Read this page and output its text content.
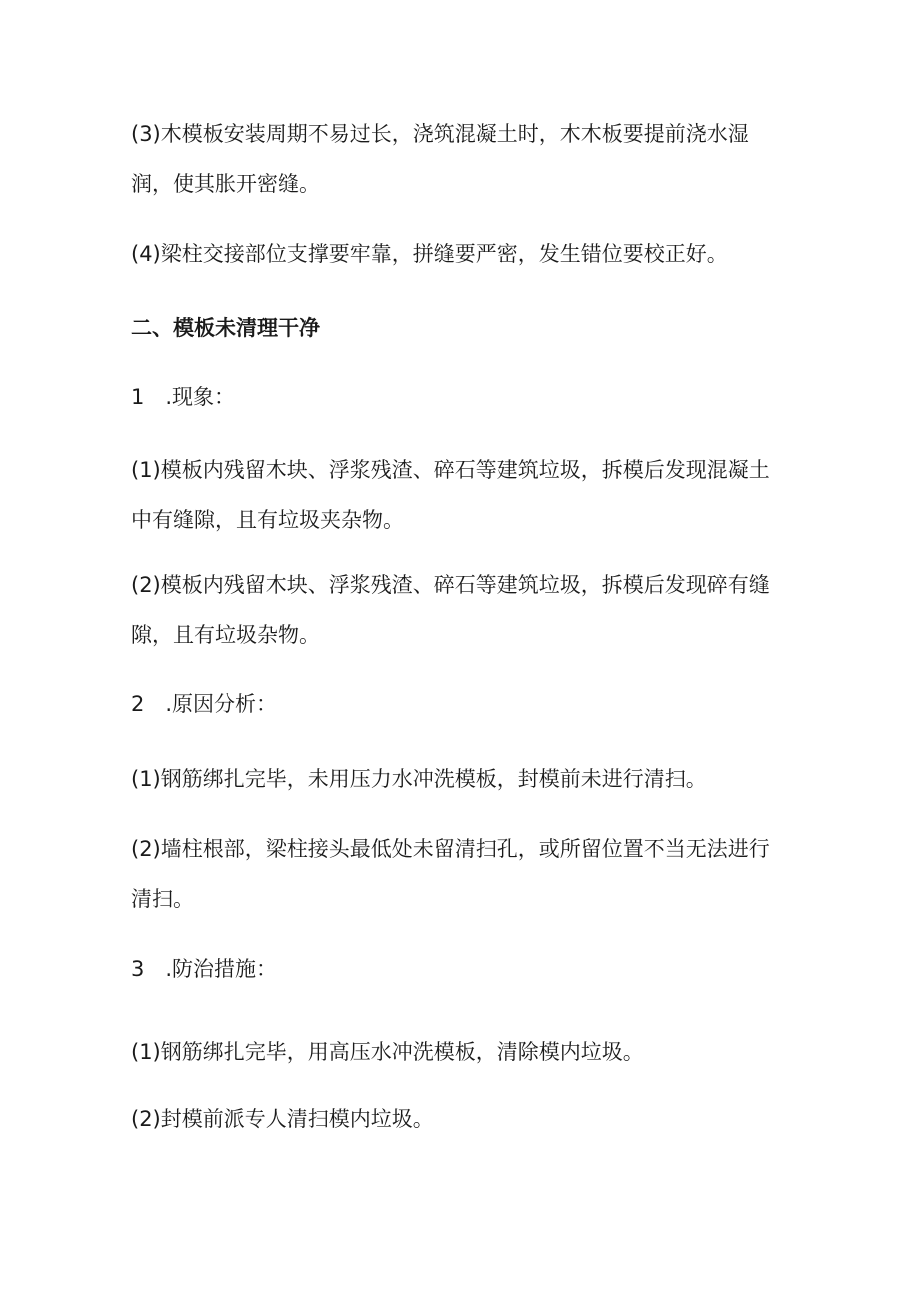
(3)木模板安装周期不易过长，浇筑混凝土时，木木板要提前浇水湿
润，使其胀开密缝。

(4)梁柱交接部位支撑要牢靠，拼缝要严密，发生错位要校正好。

二、模板未清理干净

1　.现象：

(1)模板内残留木块、浮浆残渣、碎石等建筑垃圾，拆模后发现混凝土
中有缝隙，且有垃圾夹杂物。

(2)模板内残留木块、浮浆残渣、碎石等建筑垃圾，拆模后发现碎有缝
隙，且有垃圾杂物。

2　.原因分析：

(1)钢筋绑扎完毕，未用压力水冲洗模板，封模前未进行清扫。

(2)墙柱根部，梁柱接头最低处未留清扫孔，或所留位置不当无法进行
清扫。

3　.防治措施：

(1)钢筋绑扎完毕，用高压水冲洗模板，清除模内垃圾。

(2)封模前派专人清扫模内垃圾。
